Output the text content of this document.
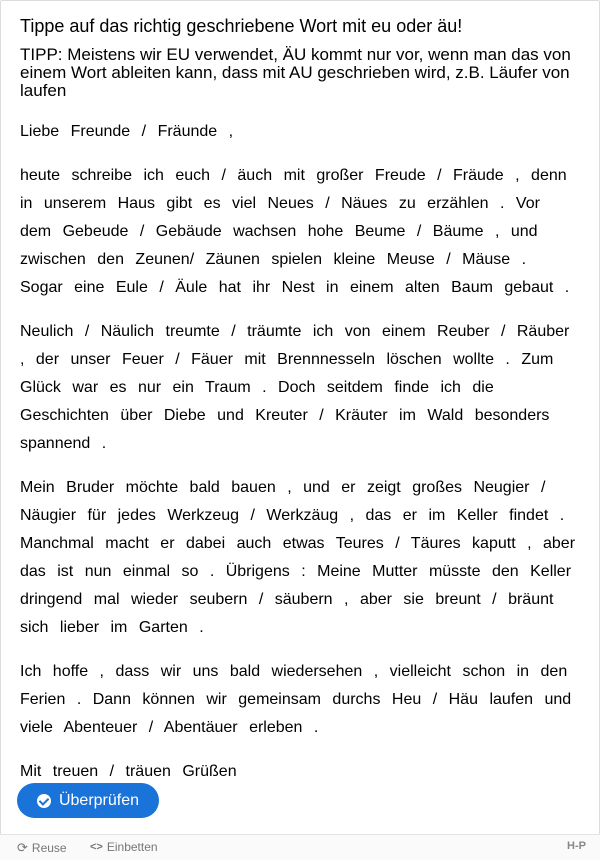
Tippe auf das richtig geschriebene Wort mit eu oder äu!

TIPP: Meistens wir EU verwendet, ÄU kommt nur vor, wenn man das von einem Wort ableiten kann, dass mit AU geschrieben wird, z.B. Läufer von laufen

Liebe Freunde / Fräunde ,

heute schreibe ich euch / äuch mit großer Freude / Fräude , denn in unserem Haus gibt es viel Neues / Näues zu erzählen . Vor dem Gebeude / Gebäude wachsen hohe Beume / Bäume , und zwischen den Zeunen/ Zäunen spielen kleine Meuse / Mäuse . Sogar eine Eule / Äule hat ihr Nest in einem alten Baum gebaut .

Neulich / Näulich treumte / träumte ich von einem Reuber / Räuber , der unser Feuer / Fäuer mit Brennnesseln löschen wollte . Zum Glück war es nur ein Traum . Doch seitdem finde ich die Geschichten über Diebe und Kreuter / Kräuter im Wald besonders spannend .

Mein Bruder möchte bald bauen , und er zeigt großes Neugier / Näugier für jedes Werkzeug / Werkzäug , das er im Keller findet . Manchmal macht er dabei auch etwas Teures / Täures kaputt , aber das ist nun einmal so . Übrigens : Meine Mutter müsste den Keller dringend mal wieder seubern / säubern , aber sie breunt / bräunt sich lieber im Garten .

Ich hoffe , dass wir uns bald wiedersehen , vielleicht schon in den Ferien . Dann können wir gemeinsam durchs Heu / Häu laufen und viele Abenteuer / Abentäuer erleben .

Mit treuen / träuen Grüßen

Überprüfen
⟳ Reuse <> Einbetten	H-P
